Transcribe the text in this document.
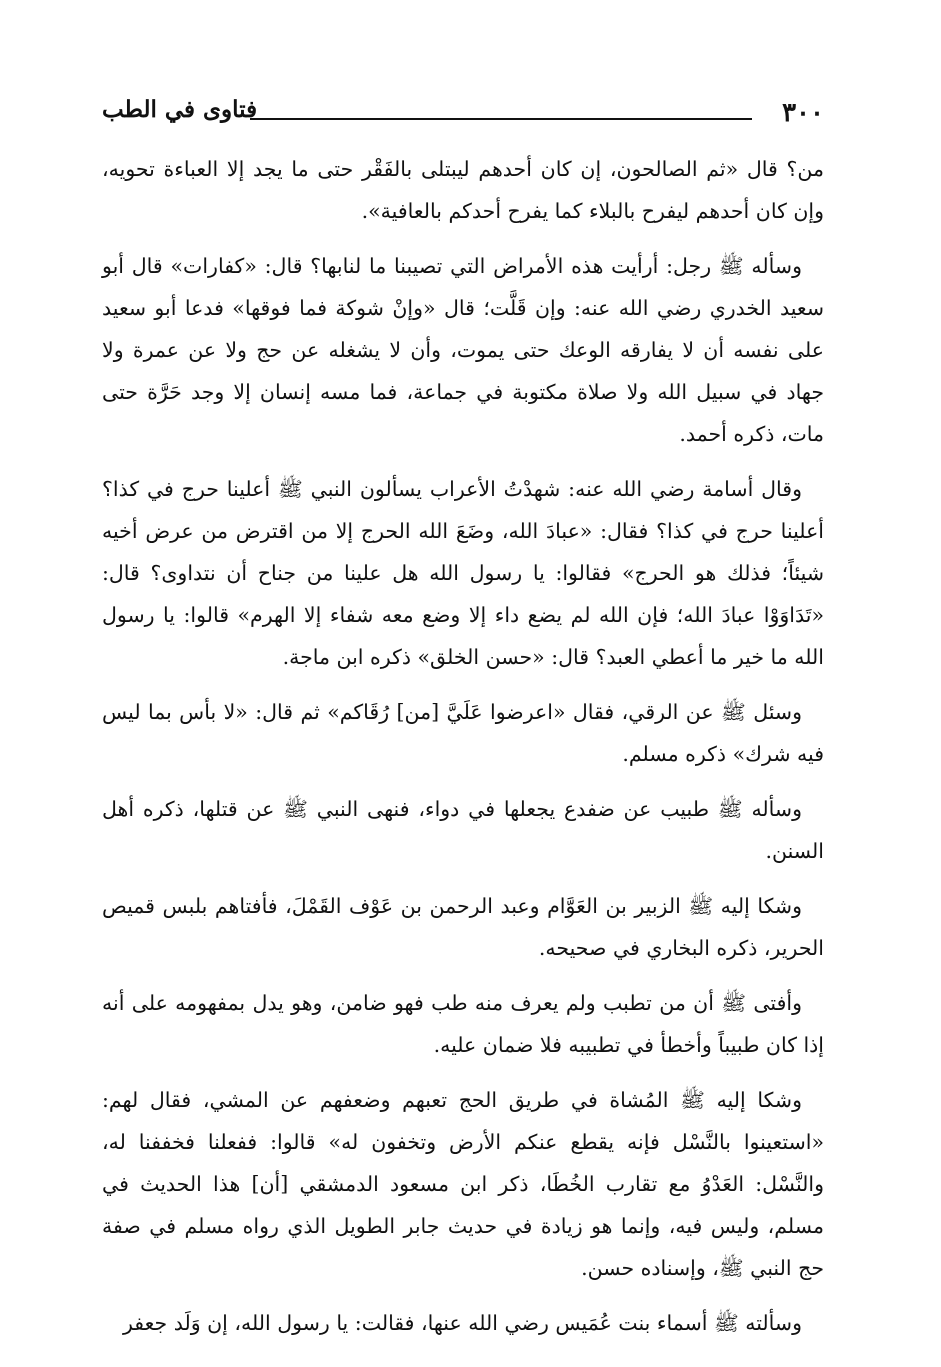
٣٠٠
فتاوى في الطب

من؟ قال «ثم الصالحون، إن كان أحدهم ليبتلى بالفَقْر حتى ما يجد إلا العباءة تحويه، وإن كان أحدهم ليفرح بالبلاء كما يفرح أحدكم بالعافية».

وسأله ﷺ رجل: أرأيت هذه الأمراض التي تصيبنا ما لنابها؟ قال: «كفارات» قال أبو سعيد الخدري رضي الله عنه: وإن قَلَّت؛ قال «وإنْ شوكة فما فوقها» فدعا أبو سعيد على نفسه أن لا يفارقه الوعك حتى يموت، وأن لا يشغله عن حج ولا عن عمرة ولا جهاد في سبيل الله ولا صلاة مكتوبة في جماعة، فما مسه إنسان إلا وجد حَرَّة حتى مات، ذكره أحمد.

وقال أسامة رضي الله عنه: شهدْتُ الأعراب يسألون النبي ﷺ أعلينا حرج في كذا؟ أعلينا حرج في كذا؟ فقال: «عبادَ الله، وضَعَ الله الحرج إلا من اقترض من عرض أخيه شيئاً؛ فذلك هو الحرج» فقالوا: يا رسول الله هل علينا من جناح أن نتداوى؟ قال: «تَدَاوَوْا عبادَ الله؛ فإن الله لم يضع داء إلا وضع معه شفاء إلا الهرم» قالوا: يا رسول الله ما خير ما أعطي العبد؟ قال: «حسن الخلق» ذكره ابن ماجة.

وسئل ﷺ عن الرقي، فقال «اعرضوا عَلَيَّ [من] رُقَاكم» ثم قال: «لا بأس بما ليس فيه شرك» ذكره مسلم.

وسأله ﷺ طبيب عن ضفدع يجعلها في دواء، فنهى النبي ﷺ عن قتلها، ذكره أهل السنن.

وشكا إليه ﷺ الزبير بن العَوَّام وعبد الرحمن بن عَوْف القَمْلَ، فأفتاهم بلبس قميص الحرير، ذكره البخاري في صحيحه.

وأفتى ﷺ أن من تطبب ولم يعرف منه طب فهو ضامن، وهو يدل بمفهومه على أنه إذا كان طبيباً وأخطأ في تطبيبه فلا ضمان عليه.

وشكا إليه ﷺ المُشاة في طريق الحج تعبهم وضعفهم عن المشي، فقال لهم: «استعينوا بالنَّسْل فإنه يقطع عنكم الأرض وتخفون له» قالوا: ففعلنا فخففنا له، والنَّسْل: العَدْوُ مع تقارب الخُطَا، ذكر ابن مسعود الدمشقي [أن] هذا الحديث في مسلم، وليس فيه، وإنما هو زيادة في حديث جابر الطويل الذي رواه مسلم في صفة حج النبي ﷺ، وإسناده حسن.

وسألته ﷺ أسماء بنت عُمَيس رضي الله عنها، فقالت: يا رسول الله، إن وَلَد جعفر
